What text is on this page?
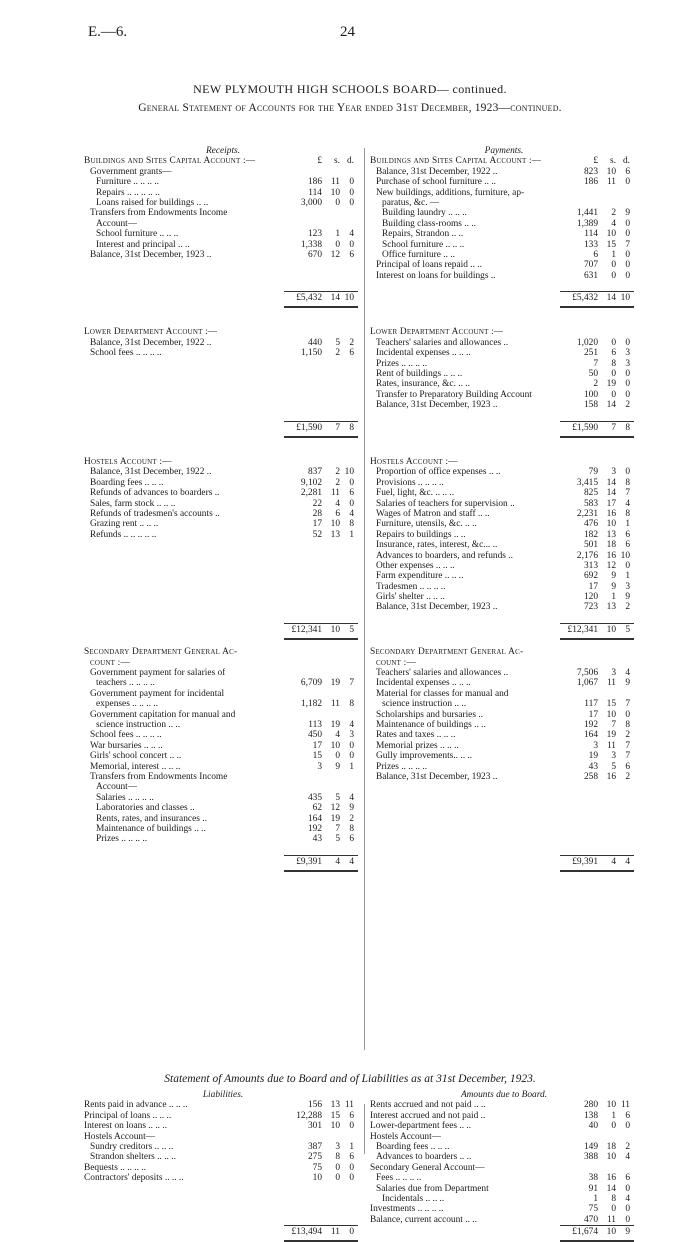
E.—6.	24
NEW PLYMOUTH HIGH SCHOOLS BOARD— continued.
General Statement of Accounts for the Year ended 31st December, 1923—continued.
Receipts.
Buildings and Sites Capital Account :—	£	s. d.
Government grants—
Furniture .. .. .. ..	186 11 0
Repairs .. .. .. .. ..	114 10 0
Loans raised for buildings .. ..	3,000	0 0
Transfers from Endowments Income
Account—
School furniture .. .. ..	123	1 4
Interest and principal .. ..	1,338	0 0
Balance, 31st December, 1923 ..	670 12 6
£5,432 14 10
Lower Department Account :—
Balance, 31st December, 1922 ..	440	5 2
School fees .. .. .. ..	1,150	2 6
£1,590	7 8
Hostels Account :—
Balance, 31st December, 1922 ..	837	2 10
Boarding fees .. .. ..	9,102	2 0
Refunds of advances to boarders ..	2,281 11 6
Sales, farm stock .. .. ..	22	4 0
Refunds of tradesmen's accounts ..	28	6 4
Grazing rent .. .. ..	17 10 8
Refunds .. .. .. .. ..	52 13 1
£12,341 10 5
Secondary Department General Ac-
count :—
Government payment for salaries of
teachers .. .. .. ..	6,709 19 7
Government payment for incidental
expenses .. .. .. ..	1,182 11 8
Government capitation for manual and
science instruction .. ..	113 19 4
School fees .. .. .. ..	450	4 3
War bursaries .. .. ..	17 10 0
Girls' school concert .. ..	15	0 0
Memorial, interest .. .. ..	3	9 1
Transfers from Endowments Income
Account—
Salaries .. .. .. ..	435	5 4
Laboratories and classes ..	62 12 9
Rents, rates, and insurances ..	164 19 2
Maintenance of buildings .. ..	192	7 8
Prizes .. .. .. ..	43	5 6
£9,391	4 4
Payments.
Buildings and Sites Capital Account :—	£	s. d.
Balance, 31st December, 1922 ..	823 10 6
Purchase of school furniture .. ..	186 11 0
New buildings, additions, furniture, ap-
paratus, &c. —
Building laundry .. .. ..	1,441	2 9
Building class-rooms .. ..	1,389	4 0
Repairs, Strandon .. ..	114 10 0
School furniture .. .. ..	133 15 7
Office furniture .. ..	6	1 0
Principal of loans repaid .. ..	707	0 0
Interest on loans for buildings ..	631	0 0
£5,432 14 10
Lower Department Account :—
Teachers' salaries and allowances ..	1,020	0 0
Incidental expenses .. .. ..	251	6 3
Prizes .. .. .. ..	7	8 3
Rent of buildings .. .. ..	50	0 0
Rates, insurance, &c. .. ..	2 19 0
Transfer to Preparatory Building Account	100	0 0
Balance, 31st December, 1923 ..	158 14 2
£1,590	7 8
Hostels Account :—
Proportion of office expenses .. ..	79	3 0
Provisions .. .. .. ..	3,415 14 8
Fuel, light, &c. .. .. ..	825 14 7
Salaries of teachers for supervision ..	583 17 4
Wages of Matron and staff .. ..	2,231 16 8
Furniture, utensils, &c. .. ..	476 10 1
Repairs to buildings .. ..	182 13 6
Insurance, rates, interest, &c... ..	501 18 6
Advances to boarders, and refunds ..	2,176 16 10
Other expenses .. .. ..	313 12 0
Farm expenditure .. .. ..	692	9 1
Tradesmen .. .. .. ..	17	9 3
Girls' shelter .. .. ..	120	1 9
Balance, 31st December, 1923 ..	723 13 2
£12,341 10 5
Secondary Department General Ac-
count :—
Teachers' salaries and allowances ..	7,506	3 4
Incidental expenses .. .. ..	1,067 11 9
Material for classes for manual and
science instruction .. ..	117 15 7
Scholarships and bursaries ..	17 10 0
Maintenance of buildings .. ..	192	7 8
Rates and taxes .. .. ..	164 19 2
Memorial prizes .. .. ..	3 11 7
Gully improvements.. .. ..	19	3 7
Prizes .. .. .. ..	43	5 6
Balance, 31st December, 1923 ..	258 16 2
£9,391	4 4
Statement of Amounts due to Board and of Liabilities as at 31st December, 1923.
Liabilities.
Rents paid in advance .. .. ..	156 13 11
Principal of loans .. .. ..	12,288 15 6
Interest on loans .. .. ..	301 10 0
Hostels Account—
Sundry creditors .. .. ..	387	3 1
Strandon shelters .. .. ..	275	8 6
Bequests .. .. .. ..	75	0 0
Contractors' deposits .. .. ..	10	0 0
£13,494 11 0
Amounts due to Board.
Rents accrued and not paid .. ..	280 10 11
Interest accrued and not paid ..	138	1 6
Lower-department fees .. ..	40	0 0
Hostels Account—
Boarding fees .. .. ..	149 18 2
Advances to boarders .. ..	388 10 4
Secondary General Account—
Fees .. .. .. ..	38 16 6
Salaries due from Department	91 14 0
Incidentals .. .. ..	1	8 4
Investments .. .. .. ..	75	0 0
Balance, current account .. ..	470 11 0
£1,674 10 9
